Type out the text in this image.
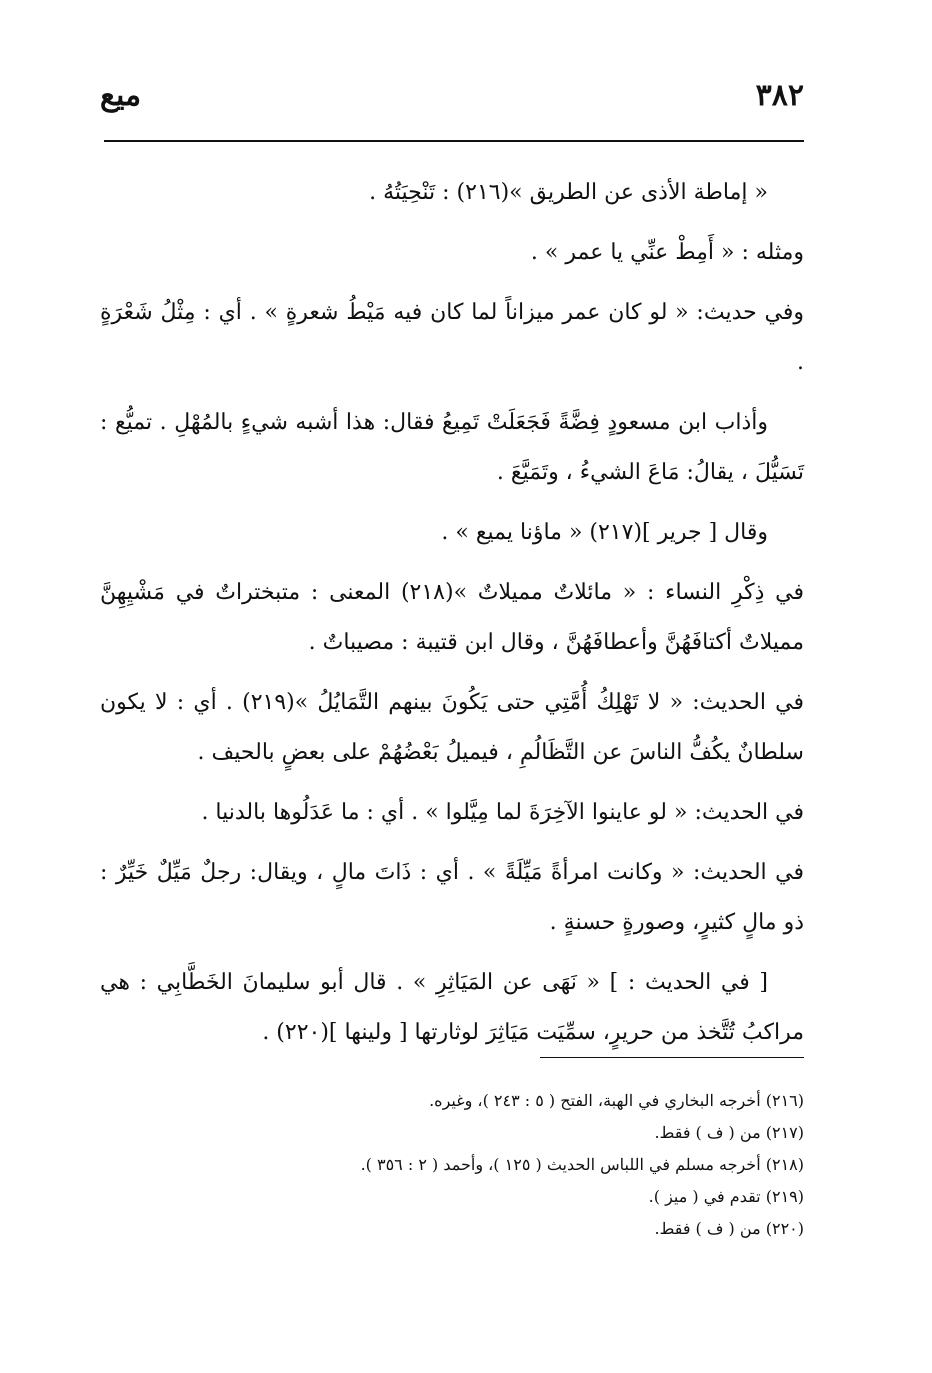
٣٨٢
ميع

« إماطة الأذى عن الطريق »(٢١٦) : تَنْحِيَتُهُ .

ومثله : « أَمِطْ عنِّي يا عمر » .

وفي حديث: « لو كان عمر ميزاناً لما كان فيه مَيْطُ شعرةٍ » . أي : مِثْلُ شَعْرَةٍ .

وأذاب ابن مسعودٍ فِضَّةً فَجَعَلَتْ تَمِيعُ فقال: هذا أشبه شيءٍ بالمُهْلِ . تميُّع : تَسَيُّلَ ، يقالُ: مَاعَ الشيءُ ، وتَمَيَّعَ .

وقال [ جرير ](٢١٧) « ماؤنا يميع » .

في ذِكْرِ النساء : « مائلاتٌ مميلاتٌ »(٢١٨) المعنى : متبختراتٌ في مَشْيِهِنَّ مميلاتٌ أكتافَهُنَّ وأعطافَهُنَّ ، وقال ابن قتيبة : مصيباتٌ .

في الحديث: « لا تَهْلِكُ أُمَّتِي حتى يَكُونَ بينهم التَّمَايُلُ »(٢١٩) . أي : لا يكون سلطانٌ يكُفُّ الناسَ عن التَّظَالُمِ ، فيميلُ بَعْضُهُمْ على بعضٍ بالحيف .

في الحديث: « لو عاينوا الآخِرَةَ لما مِيَّلوا » . أي : ما عَدَلُوها بالدنيا .

في الحديث: « وكانت امرأةً مَيِّلَةً » . أي : ذَاتَ مالٍ ، ويقال: رجلٌ مَيِّلٌ خَيِّرٌ : ذو مالٍ كثيرٍ، وصورةٍ حسنةٍ .

[ في الحديث : ] « نَهَى عن المَيَاثِرِ » . قال أبو سليمانَ الخَطَّابِي : هي مراكبُ تُتَّخذ من حريرٍ، سمِّيَت مَيَاثِرَ لوثارتها [ ولينها ](٢٢٠) .

(٢١٦) أخرجه البخاري في الهبة، الفتح ( ٥ : ٢٤٣ )، وغيره.
(٢١٧) من ( ف ) فقط.
(٢١٨) أخرجه مسلم في اللباس الحديث ( ١٢٥ )، وأحمد ( ٢ : ٣٥٦ ).
(٢١٩) تقدم في ( ميز ).
(٢٢٠) من ( ف ) فقط.
